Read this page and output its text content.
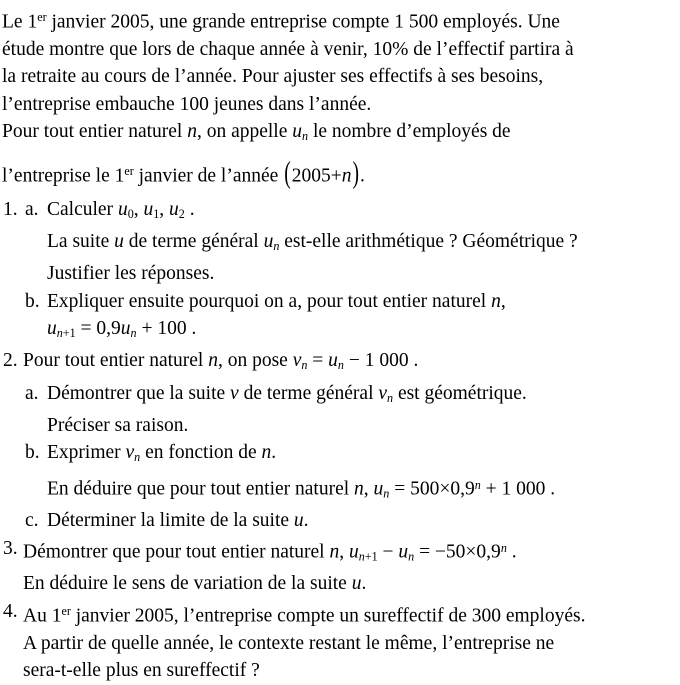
Le 1er janvier 2005, une grande entreprise compte 1 500 employés. Une
étude montre que lors de chaque année à venir, 10% de l’effectif partira à
la retraite au cours de l’année. Pour ajuster ses effectifs à ses besoins,
l’entreprise embauche 100 jeunes dans l’année.
Pour tout entier naturel n, on appelle un le nombre d’employés de
l’entreprise le 1er janvier de l’année (2005+n).
1. a. Calculer u0, u1, u2 .
La suite u de terme général un est-elle arithmétique ? Géométrique ?
Justifier les réponses.
b. Expliquer ensuite pourquoi on a, pour tout entier naturel n,
un+1 = 0,9un + 100 .
2. Pour tout entier naturel n, on pose vn = un − 1 000 .
a. Démontrer que la suite v de terme général vn est géométrique.
Préciser sa raison.
b. Exprimer vn en fonction de n.
En déduire que pour tout entier naturel n, un = $500\times 0,9^n + 1$ 000 .
c. Déterminer la limite de la suite u.
3. Démontrer que pour tout entier naturel n, un+1 − un = $-50\times 0,9^n$ .
En déduire le sens de variation de la suite u.
4. Au 1er janvier 2005, l’entreprise compte un sureffectif de 300 employés.
A partir de quelle année, le contexte restant le même, l’entreprise ne
sera-t-elle plus en sureffectif ?
